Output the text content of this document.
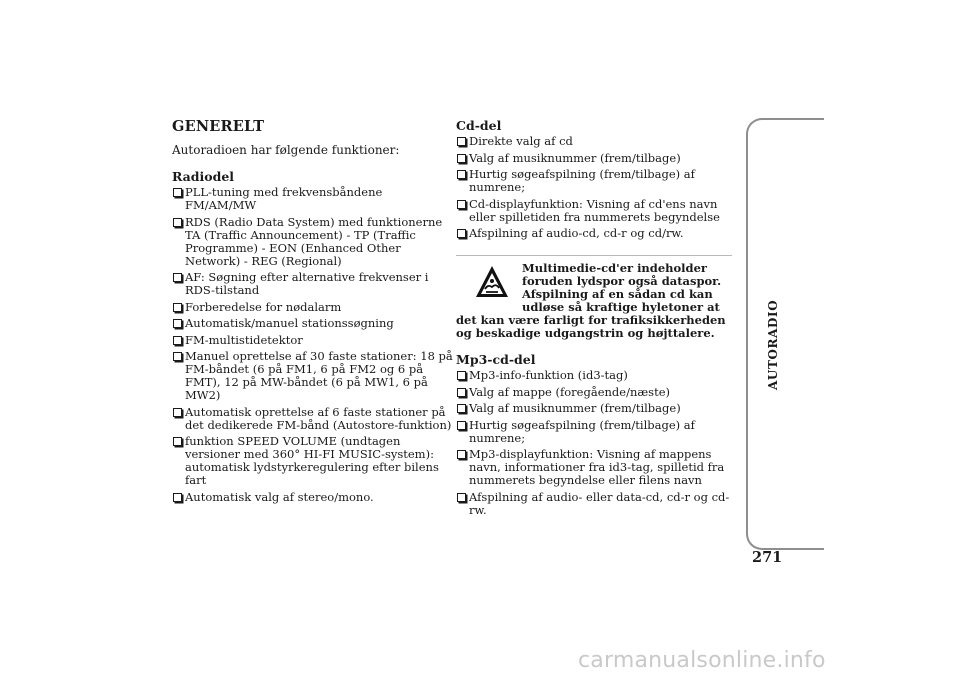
GENERELT

Autoradioen har følgende funktioner:

Radiodel
PLL-tuning med frekvensbåndene FM/AM/MW
RDS (Radio Data System) med funktionerne TA (Traffic Announcement) - TP (Traffic Programme) - EON (Enhanced Other Network) - REG (Regional)
AF: Søgning efter alternative frekvenser i RDS-tilstand
Forberedelse for nødalarm
Automatisk/manuel stationssøgning
FM-multistidetektor
Manuel oprettelse af 30 faste stationer: 18 på FM-båndet (6 på FM1, 6 på FM2 og 6 på FMT), 12 på MW-båndet (6 på MW1, 6 på MW2)
Automatisk oprettelse af 6 faste stationer på det dedikerede FM-bånd (Autostore-funktion)
funktion SPEED VOLUME (undtagen versioner med 360° HI-FI MUSIC-system): automatisk lydstyrkeregulering efter bilens fart
Automatisk valg af stereo/mono.
Cd-del
Direkte valg af cd
Valg af musiknummer (frem/tilbage)
Hurtig søgeafspilning (frem/tilbage) af numrene;
Cd-displayfunktion: Visning af cd'ens navn eller spilletiden fra nummerets begyndelse
Afspilning af audio-cd, cd-r og cd/rw.

Multimedie-cd'er indeholder foruden lydspor også dataspor. Afspilning af en sådan cd kan udløse så kraftige hyletoner at det kan være farligt for trafiksikkerheden og beskadige udgangstrin og højttalere.

Mp3-cd-del
Mp3-info-funktion (id3-tag)
Valg af mappe (foregående/næste)
Valg af musiknummer (frem/tilbage)
Hurtig søgeafspilning (frem/tilbage) af numrene;
Mp3-displayfunktion: Visning af mappens navn, informationer fra id3-tag, spilletid fra nummerets begyndelse eller filens navn
Afspilning af audio- eller data-cd, cd-r og cd-rw.
AUTORADIO
271
carmanualsonline.info
